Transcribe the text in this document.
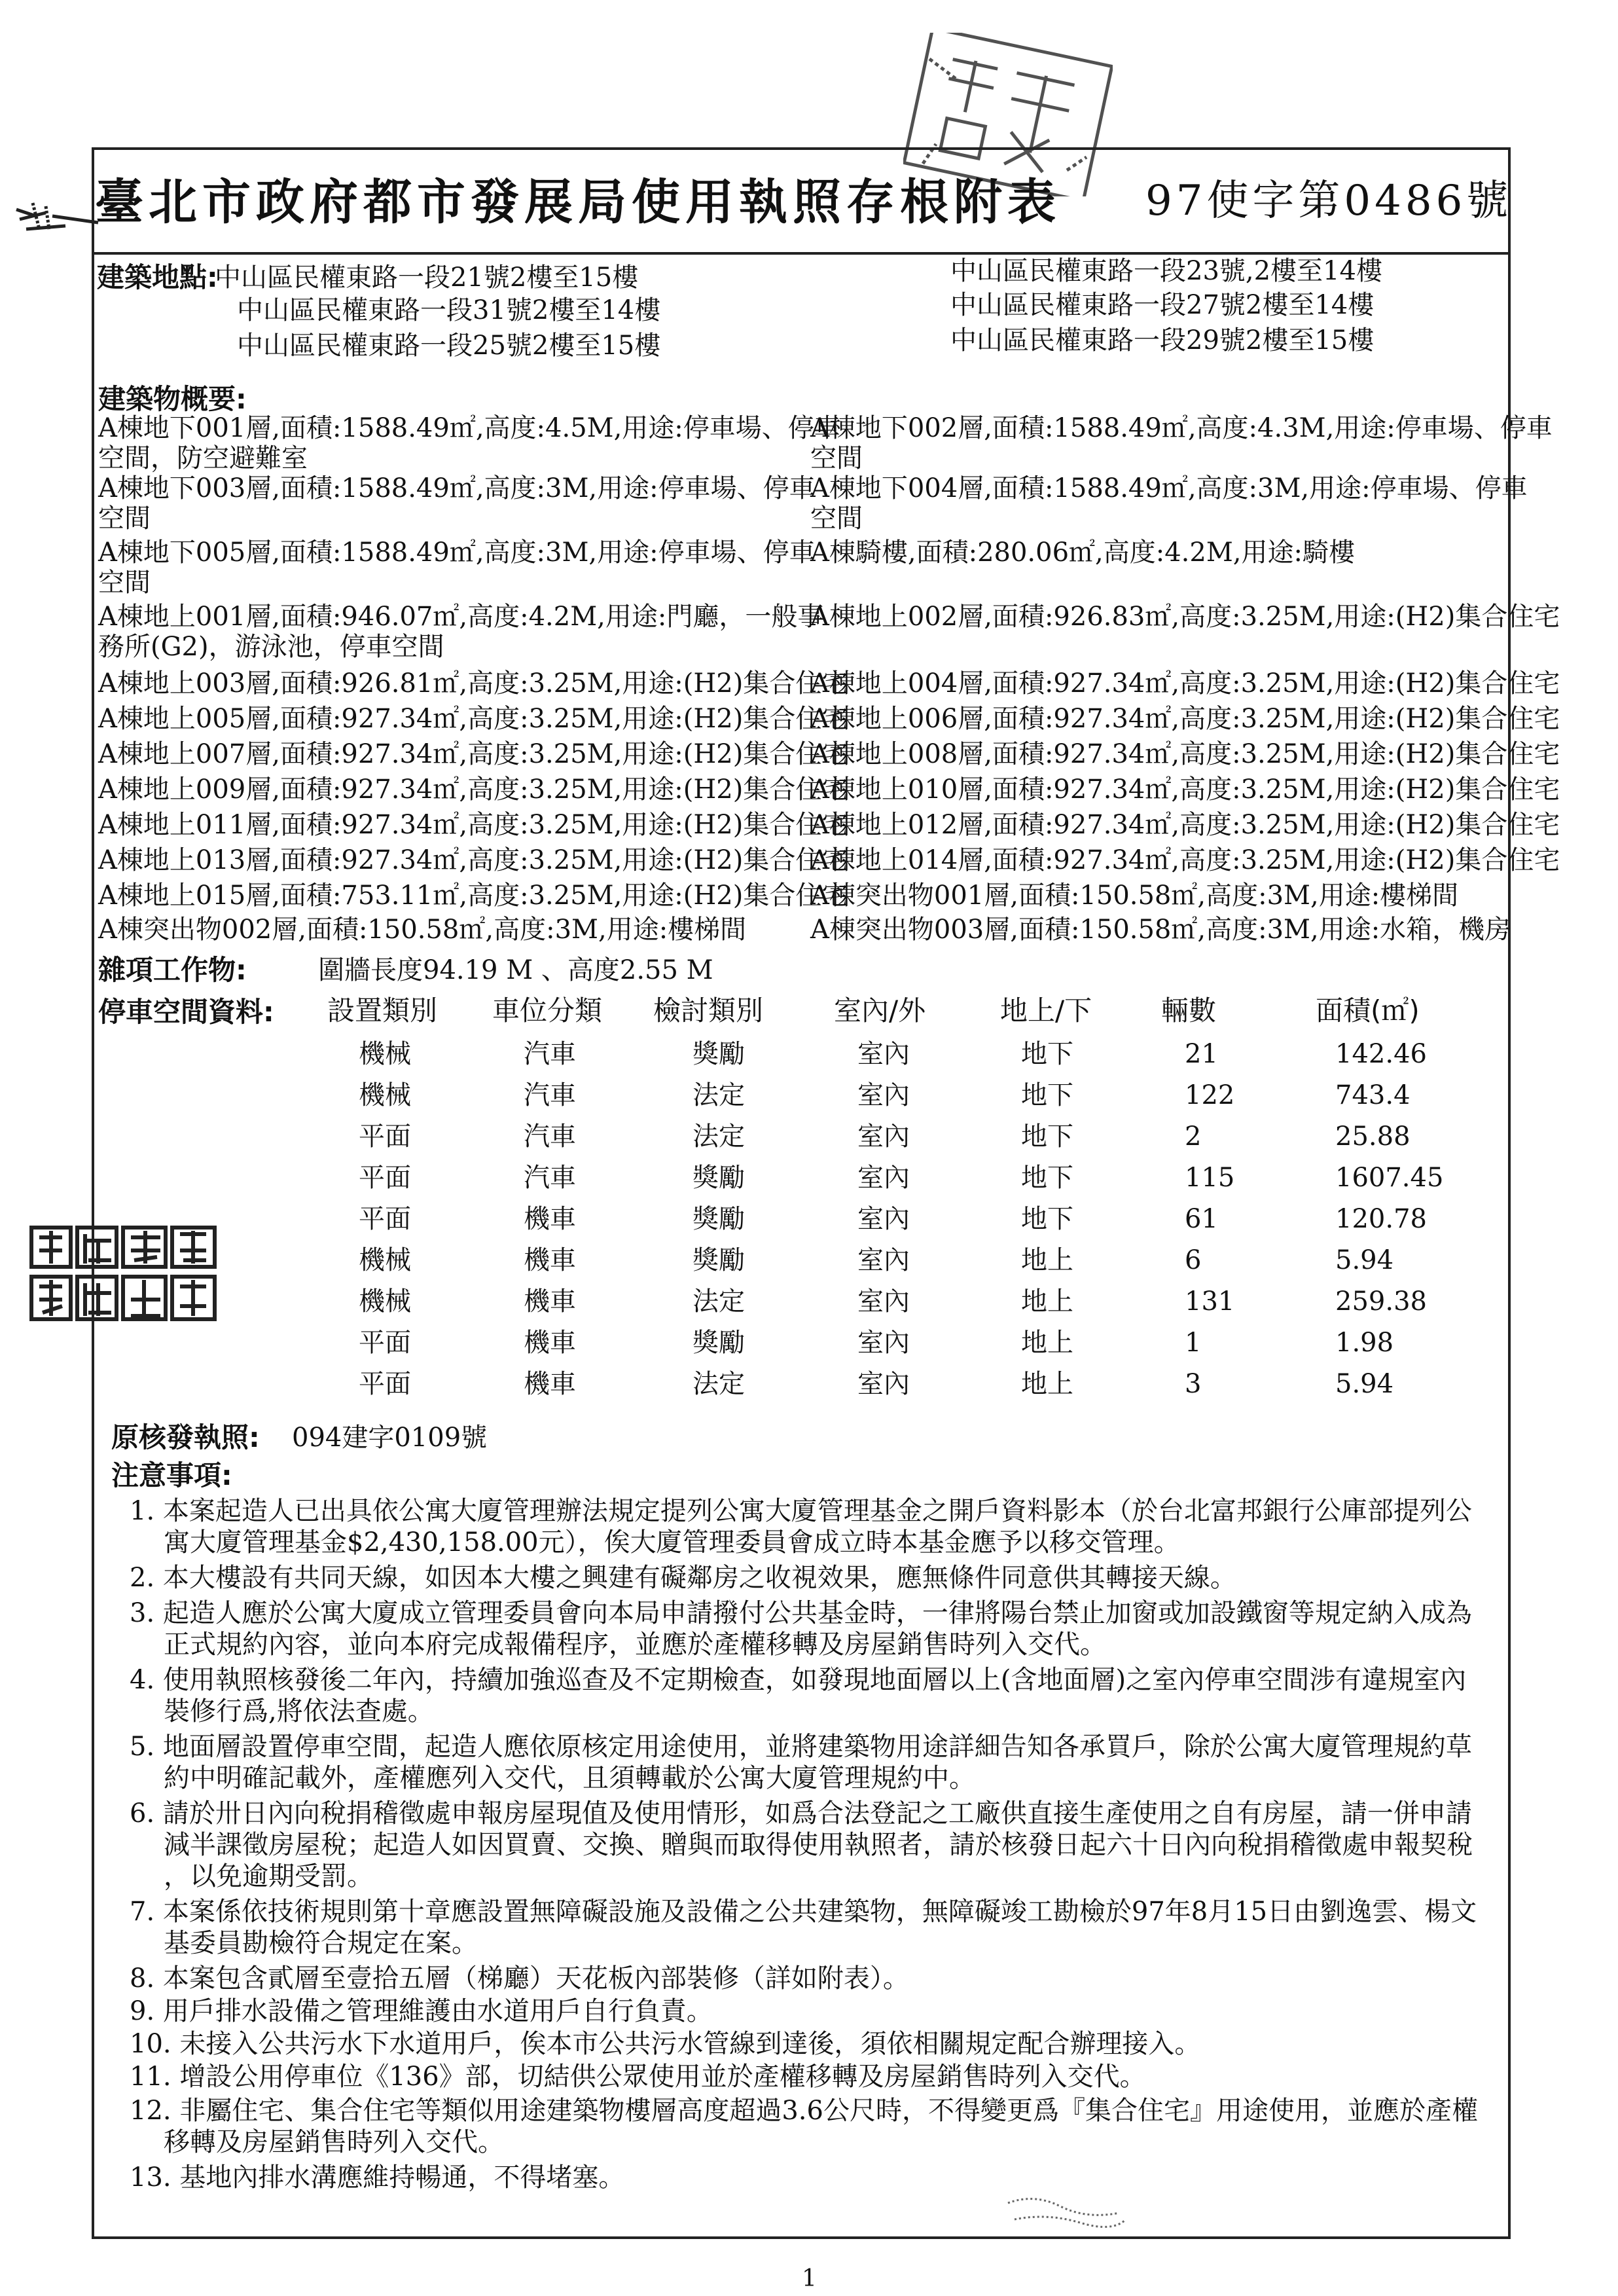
臺北市政府都市發展局使用執照存根附表 97使字第0486號
建築地點:
中山區民權東路一段21號2樓至15樓	中山區民權東路一段23號,2樓至14樓
中山區民權東路一段31號2樓至14樓	中山區民權東路一段27號2樓至14樓
中山區民權東路一段25號2樓至15樓	中山區民權東路一段29號2樓至15樓
建築物概要:
A棟地下001層,面積:1588.49㎡,高度:4.5M,用途:停車場、停車
空間，防空避難室
A棟地下003層,面積:1588.49㎡,高度:3M,用途:停車場、停車
空間
A棟地下005層,面積:1588.49㎡,高度:3M,用途:停車場、停車
空間
A棟地上001層,面積:946.07㎡,高度:4.2M,用途:門廳，一般事
務所(G2)，游泳池，停車空間
A棟地上003層,面積:926.81㎡,高度:3.25M,用途:(H2)集合住宅
A棟地上005層,面積:927.34㎡,高度:3.25M,用途:(H2)集合住宅
A棟地上007層,面積:927.34㎡,高度:3.25M,用途:(H2)集合住宅
A棟地上009層,面積:927.34㎡,高度:3.25M,用途:(H2)集合住宅
A棟地上011層,面積:927.34㎡,高度:3.25M,用途:(H2)集合住宅
A棟地上013層,面積:927.34㎡,高度:3.25M,用途:(H2)集合住宅
A棟地上015層,面積:753.11㎡,高度:3.25M,用途:(H2)集合住宅
A棟突出物002層,面積:150.58㎡,高度:3M,用途:樓梯間
A棟地下002層,面積:1588.49㎡,高度:4.3M,用途:停車場、停車
空間
A棟地下004層,面積:1588.49㎡,高度:3M,用途:停車場、停車
空間
A棟騎樓,面積:280.06㎡,高度:4.2M,用途:騎樓
A棟地上002層,面積:926.83㎡,高度:3.25M,用途:(H2)集合住宅
A棟地上004層,面積:927.34㎡,高度:3.25M,用途:(H2)集合住宅
A棟地上006層,面積:927.34㎡,高度:3.25M,用途:(H2)集合住宅
A棟地上008層,面積:927.34㎡,高度:3.25M,用途:(H2)集合住宅
A棟地上010層,面積:927.34㎡,高度:3.25M,用途:(H2)集合住宅
A棟地上012層,面積:927.34㎡,高度:3.25M,用途:(H2)集合住宅
A棟地上014層,面積:927.34㎡,高度:3.25M,用途:(H2)集合住宅
A棟突出物001層,面積:150.58㎡,高度:3M,用途:樓梯間
A棟突出物003層,面積:150.58㎡,高度:3M,用途:水箱，機房
雜項工作物:	圍牆長度94.19 M 、高度2.55 M
停車空間資料: 設置類別 車位分類 檢討類別	室內/外	地上/下	輛數	面積(㎡)
機械	汽車	獎勵	室內	地下	21	142.46
機械	汽車	法定	室內	地下	122	743.4
平面	汽車	法定	室內	地下	2	25.88
平面	汽車	獎勵	室內	地下	115	1607.45
平面	機車	獎勵	室內	地下	61	120.78
機械	機車	獎勵	室內	地上	6	5.94
機械	機車	法定	室內	地上	131	259.38
平面	機車	獎勵	室內	地上	1	1.98
平面	機車	法定	室內	地上	3	5.94
原核發執照: 094建字0109號
注意事項:
1. 本案起造人已出具依公寓大廈管理辦法規定提列公寓大廈管理基金之開戶資料影本（於台北富邦銀行公庫部提列公
寓大廈管理基金$2,430,158.00元），俟大廈管理委員會成立時本基金應予以移交管理。
2. 本大樓設有共同天線，如因本大樓之興建有礙鄰房之收視效果，應無條件同意供其轉接天線。
3. 起造人應於公寓大廈成立管理委員會向本局申請撥付公共基金時，一律將陽台禁止加窗或加設鐵窗等規定納入成為
正式規約內容，並向本府完成報備程序，並應於產權移轉及房屋銷售時列入交代。
4. 使用執照核發後二年內，持續加強巡查及不定期檢查，如發現地面層以上(含地面層)之室內停車空間涉有違規室內
裝修行爲,將依法查處。
5. 地面層設置停車空間，起造人應依原核定用途使用，並將建築物用途詳細告知各承買戶，除於公寓大廈管理規約草
約中明確記載外，產權應列入交代，且須轉載於公寓大廈管理規約中。
6. 請於卅日內向稅捐稽徵處申報房屋現值及使用情形，如爲合法登記之工廠供直接生產使用之自有房屋，請一併申請
減半課徵房屋稅；起造人如因買賣、交換、贈與而取得使用執照者，請於核發日起六十日內向稅捐稽徵處申報契稅
，以免逾期受罰。
7. 本案係依技術規則第十章應設置無障礙設施及設備之公共建築物，無障礙竣工勘檢於97年8月15日由劉逸雲、楊文
基委員勘檢符合規定在案。
8. 本案包含貳層至壹拾五層（梯廳）天花板內部裝修（詳如附表）。
9. 用戶排水設備之管理維護由水道用戶自行負責。
10. 未接入公共污水下水道用戶，俟本市公共污水管線到達後，須依相關規定配合辦理接入。
11. 增設公用停車位《136》部，切結供公眾使用並於產權移轉及房屋銷售時列入交代。
12. 非屬住宅、集合住宅等類似用途建築物樓層高度超過3.6公尺時，不得變更爲『集合住宅』用途使用，並應於產權
移轉及房屋銷售時列入交代。
13. 基地內排水溝應維持暢通，不得堵塞。
1
